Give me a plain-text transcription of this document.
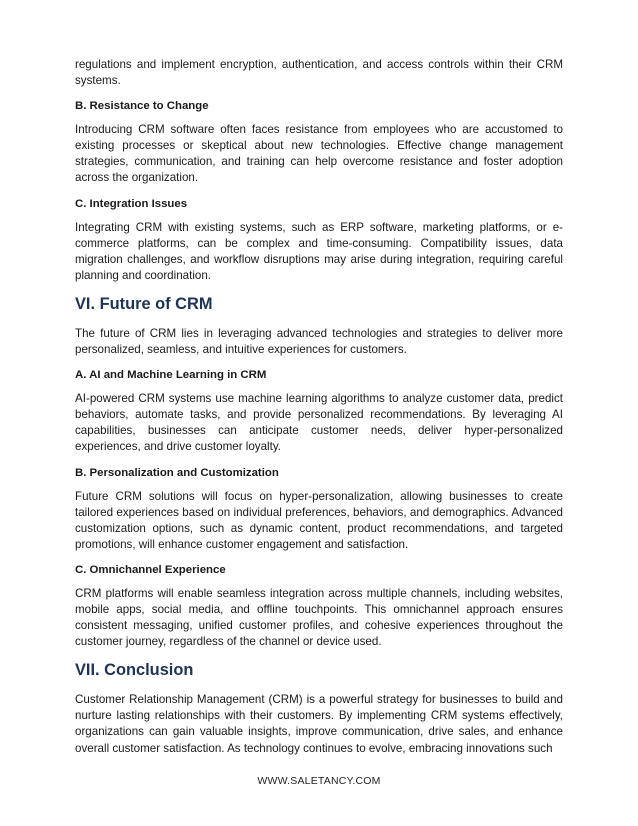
regulations and implement encryption, authentication, and access controls within their CRM systems.

B. Resistance to Change

Introducing CRM software often faces resistance from employees who are accustomed to existing processes or skeptical about new technologies. Effective change management strategies, communication, and training can help overcome resistance and foster adoption across the organization.

C. Integration Issues

Integrating CRM with existing systems, such as ERP software, marketing platforms, or e-commerce platforms, can be complex and time-consuming. Compatibility issues, data migration challenges, and workflow disruptions may arise during integration, requiring careful planning and coordination.

VI. Future of CRM

The future of CRM lies in leveraging advanced technologies and strategies to deliver more personalized, seamless, and intuitive experiences for customers.

A. AI and Machine Learning in CRM

AI-powered CRM systems use machine learning algorithms to analyze customer data, predict behaviors, automate tasks, and provide personalized recommendations. By leveraging AI capabilities, businesses can anticipate customer needs, deliver hyper-personalized experiences, and drive customer loyalty.

B. Personalization and Customization

Future CRM solutions will focus on hyper-personalization, allowing businesses to create tailored experiences based on individual preferences, behaviors, and demographics. Advanced customization options, such as dynamic content, product recommendations, and targeted promotions, will enhance customer engagement and satisfaction.

C. Omnichannel Experience

CRM platforms will enable seamless integration across multiple channels, including websites, mobile apps, social media, and offline touchpoints. This omnichannel approach ensures consistent messaging, unified customer profiles, and cohesive experiences throughout the customer journey, regardless of the channel or device used.

VII. Conclusion

Customer Relationship Management (CRM) is a powerful strategy for businesses to build and nurture lasting relationships with their customers. By implementing CRM systems effectively, organizations can gain valuable insights, improve communication, drive sales, and enhance overall customer satisfaction. As technology continues to evolve, embracing innovations such

WWW.SALETANCY.COM
